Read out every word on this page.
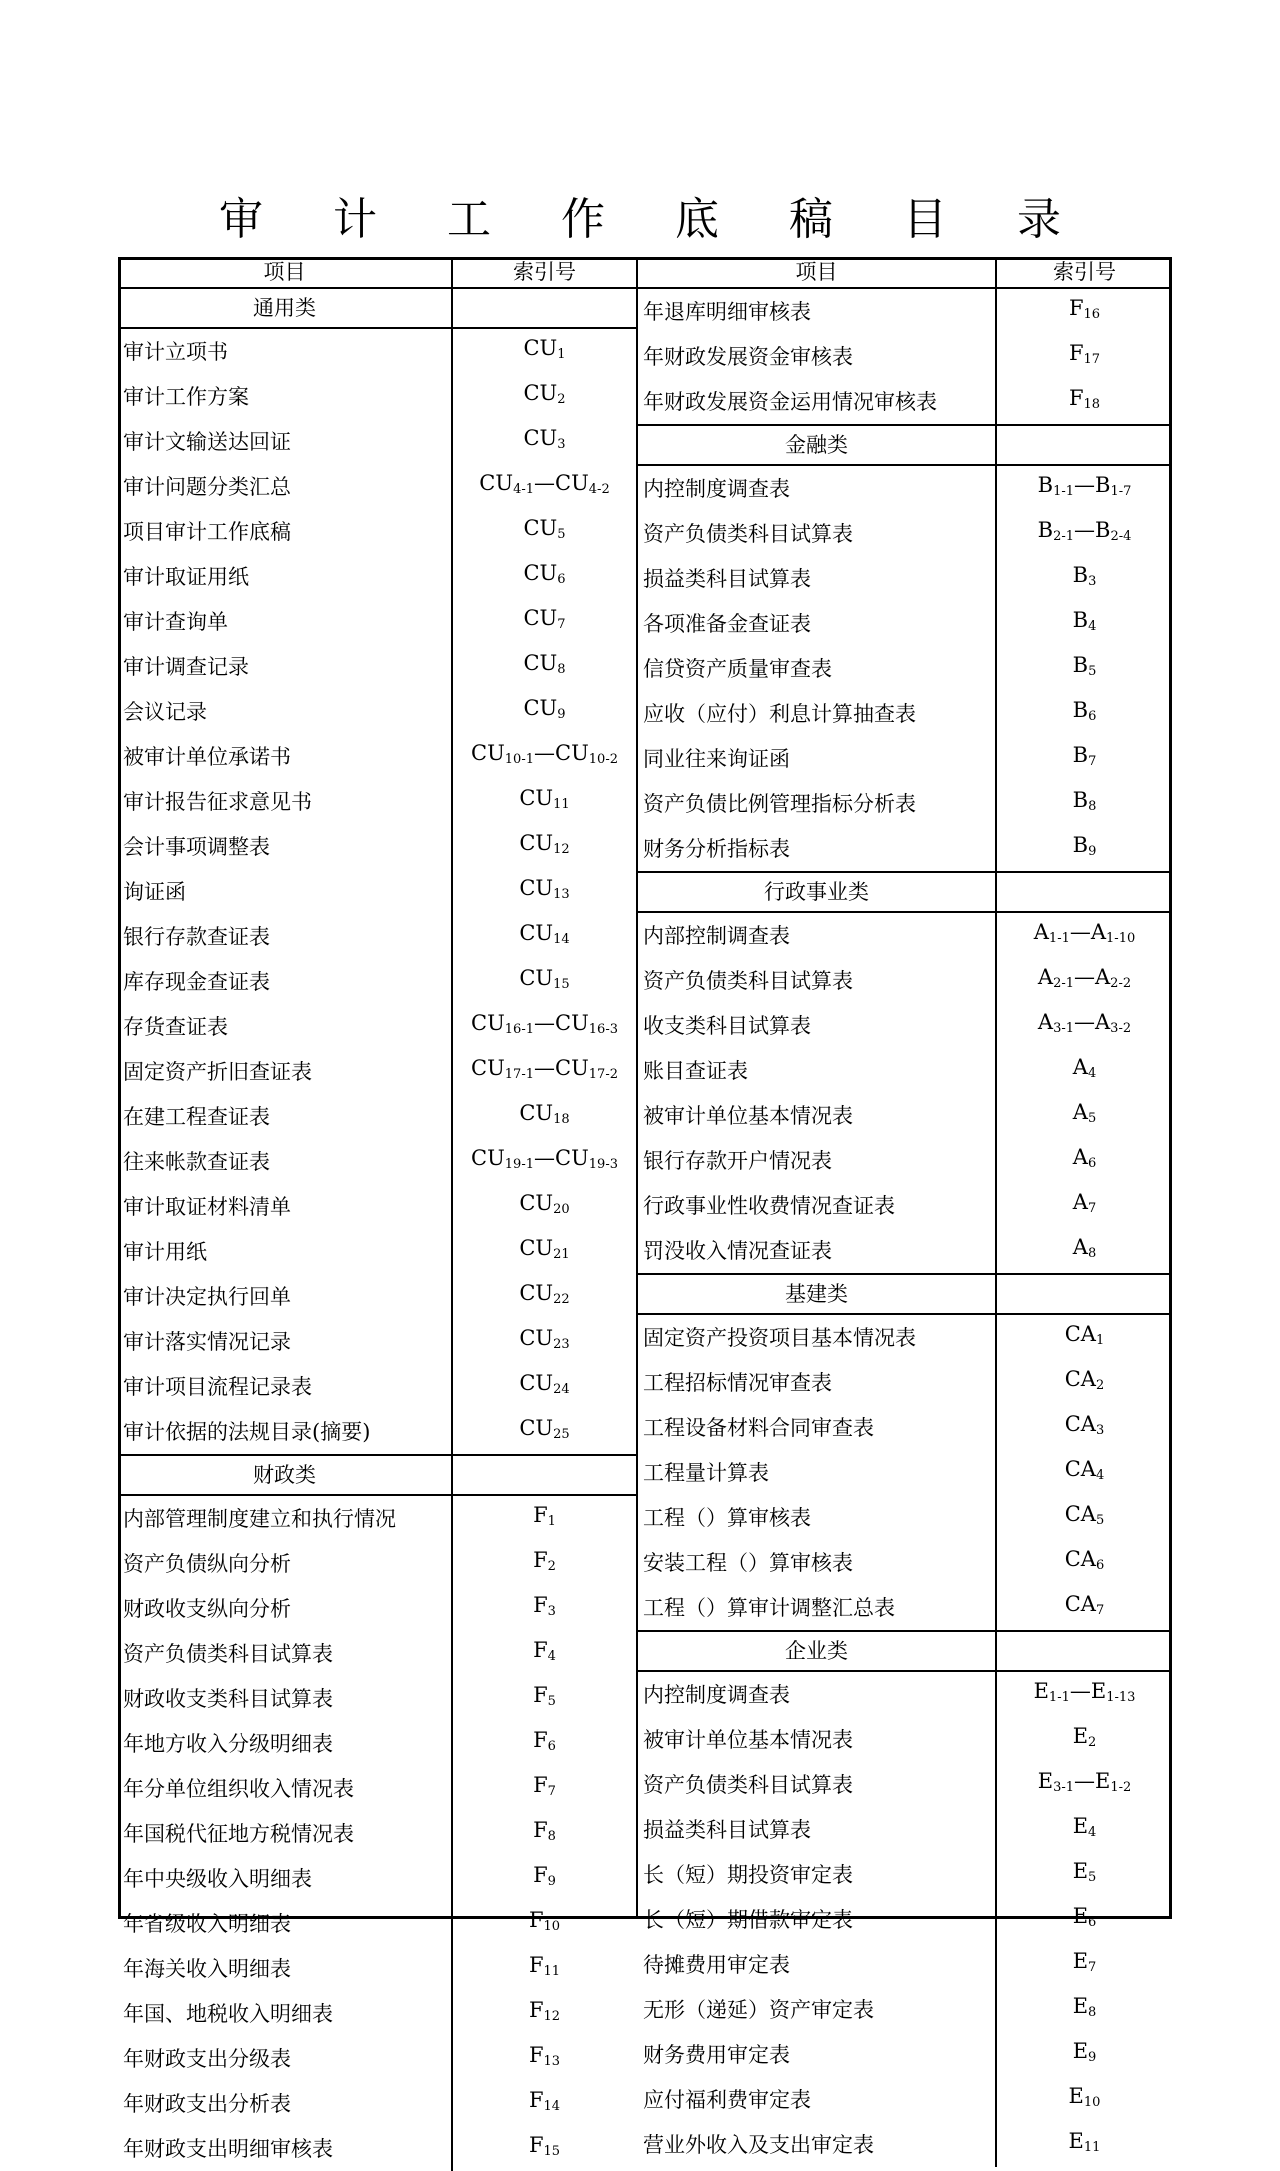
审 计 工 作 底 稿 目 录
项目	索引号
通用类	
审计立项书	$CU_1$
审计工作方案	$CU_2$
审计文输送达回证	$CU_3$
审计问题分类汇总	$CU_{4-1}—CU_{4-2}$
项目审计工作底稿	$CU_5$
审计取证用纸	$CU_6$
审计查询单	$CU_7$
审计调查记录	$CU_8$
会议记录	$CU_9$
被审计单位承诺书	$CU_{10-1}—CU_{10-2}$
审计报告征求意见书	$CU_{11}$
会计事项调整表	$CU_{12}$
询证函	$CU_{13}$
银行存款查证表	$CU_{14}$
库存现金查证表	$CU_{15}$
存货查证表	$CU_{16-1}—CU_{16-3}$
固定资产折旧查证表	$CU_{17-1}—CU_{17-2}$
在建工程查证表	$CU_{18}$
往来帐款查证表	$CU_{19-1}—CU_{19-3}$
审计取证材料清单	$CU_{20}$
审计用纸	$CU_{21}$
审计决定执行回单	$CU_{22}$
审计落实情况记录	$CU_{23}$
审计项目流程记录表	$CU_{24}$
审计依据的法规目录(摘要)	$CU_{25}$
财政类	
内部管理制度建立和执行情况	$F_1$
资产负债纵向分析	$F_2$
财政收支纵向分析	$F_3$
资产负债类科目试算表	$F_4$
财政收支类科目试算表	$F_5$
年地方收入分级明细表	$F_6$
年分单位组织收入情况表	$F_7$
年国税代征地方税情况表	$F_8$
年中央级收入明细表	$F_9$
年省级收入明细表	$F_{10}$
年海关收入明细表	$F_{11}$
年国、地税收入明细表	$F_{12}$
年财政支出分级表	$F_{13}$
年财政支出分析表	$F_{14}$
年财政支出明细审核表	$F_{15}$
项目	索引号
年退库明细审核表	$F_{16}$
年财政发展资金审核表	$F_{17}$
年财政发展资金运用情况审核表	$F_{18}$
金融类	
内控制度调查表	$B_{1-1}—B_{1-7}$
资产负债类科目试算表	$B_{2-1}—B_{2-4}$
损益类科目试算表	$B_3$
各项准备金查证表	$B_4$
信贷资产质量审查表	$B_5$
应收（应付）利息计算抽查表	$B_6$
同业往来询证函	$B_7$
资产负债比例管理指标分析表	$B_8$
财务分析指标表	$B_9$
行政事业类	
内部控制调查表	$A_{1-1}—A_{1-10}$
资产负债类科目试算表	$A_{2-1}—A_{2-2}$
收支类科目试算表	$A_{3-1}—A_{3-2}$
账目查证表	$A_4$
被审计单位基本情况表	$A_5$
银行存款开户情况表	$A_6$
行政事业性收费情况查证表	$A_7$
罚没收入情况查证表	$A_8$
基建类	
固定资产投资项目基本情况表	$CA_1$
工程招标情况审查表	$CA_2$
工程设备材料合同审查表	$CA_3$
工程量计算表	$CA_4$
工程（）算审核表	$CA_5$
安装工程（）算审核表	$CA_6$
工程（）算审计调整汇总表	$CA_7$
企业类	
内控制度调查表	$E_{1-1}—E_{1-13}$
被审计单位基本情况表	$E_2$
资产负债类科目试算表	$E_{3-1}—E_{1-2}$
损益类科目试算表	$E_4$
长（短）期投资审定表	$E_5$
长（短）期借款审定表	$E_6$
待摊费用审定表	$E_7$
无形（递延）资产审定表	$E_8$
财务费用审定表	$E_9$
应付福利费审定表	$E_{10}$
营业外收入及支出审定表	$E_{11}$
